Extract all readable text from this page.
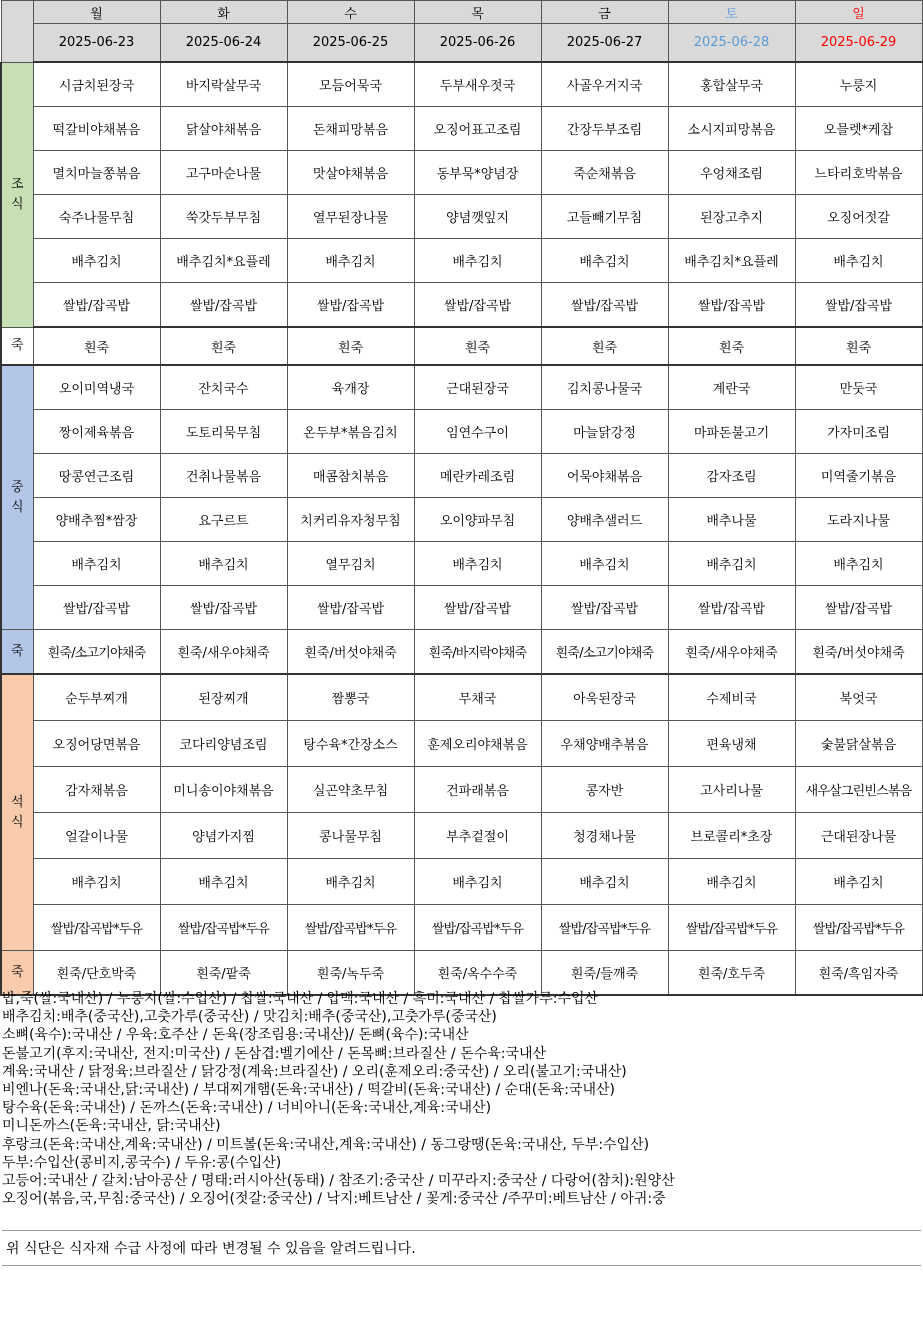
	월	화	수	목	금	토	일
	2025-06-23	2025-06-24	2025-06-25	2025-06-26	2025-06-27	2025-06-28	2025-06-29
조식	시금치된장국	바지락살무국	모듬어묵국	두부새우젓국	사골우거지국	홍합살무국	누룽지
	떡갈비야채볶음	닭살야채볶음	돈채피망볶음	오징어표고조림	간장두부조림	소시지피망볶음	오믈렛*케찹
	멸치마늘쫑볶음	고구마순나물	맛살야채볶음	동부묵*양념장	죽순채볶음	우엉채조림	느타리호박볶음
	숙주나물무침	쑥갓두부무침	열무된장나물	양념깻잎지	고들빼기무침	된장고추지	오징어젓갈
	배추김치	배추김치*요플레	배추김치	배추김치	배추김치	배추김치*요플레	배추김치
	쌀밥/잡곡밥	쌀밥/잡곡밥	쌀밥/잡곡밥	쌀밥/잡곡밥	쌀밥/잡곡밥	쌀밥/잡곡밥	쌀밥/잡곡밥
죽	흰죽	흰죽	흰죽	흰죽	흰죽	흰죽	흰죽
중식	오이미역냉국	잔치국수	육개장	근대된장국	김치콩나물국	계란국	만둣국
	짱이제육볶음	도토리묵무침	온두부*볶음김치	임연수구이	마늘닭강정	마파돈불고기	가자미조림
	땅콩연근조림	건취나물볶음	매콤참치볶음	메란카레조림	어묵야채볶음	감자조림	미역줄기볶음
	양배추찜*쌈장	요구르트	치커리유자청무침	오이양파무침	양배추샐러드	배추나물	도라지나물
	배추김치	배추김치	열무김치	배추김치	배추김치	배추김치	배추김치
	쌀밥/잡곡밥	쌀밥/잡곡밥	쌀밥/잡곡밥	쌀밥/잡곡밥	쌀밥/잡곡밥	쌀밥/잡곡밥	쌀밥/잡곡밥
죽	흰죽/소고기야채죽	흰죽/새우야채죽	흰죽/버섯야채죽	흰죽/바지락야채죽	흰죽/소고기야채죽	흰죽/새우야채죽	흰죽/버섯야채죽
석식	순두부찌개	된장찌개	짬뽕국	무채국	아욱된장국	수제비국	북엇국
	오징어당면볶음	코다리양념조림	탕수육*간장소스	훈제오리야채볶음	우채양배추볶음	편육냉채	숯불닭살볶음
	감자채볶음	미니송이야채볶음	실곤약초무침	건파래볶음	콩자반	고사리나물	새우살그린빈스볶음
	얼갈이나물	양념가지찜	콩나물무침	부추겉절이	청경채나물	브로콜리*초장	근대된장나물
	배추김치	배추김치	배추김치	배추김치	배추김치	배추김치	배추김치
	쌀밥/잡곡밥*두유	쌀밥/잡곡밥*두유	쌀밥/잡곡밥*두유	쌀밥/잡곡밥*두유	쌀밥/잡곡밥*두유	쌀밥/잡곡밥*두유	쌀밥/잡곡밥*두유
죽	흰죽/단호박죽	흰죽/팥죽	흰죽/녹두죽	흰죽/옥수수죽	흰죽/들깨죽	흰죽/호두죽	흰죽/흑임자죽
밥,죽(쌀:국내산) / 누룽지(쌀:수입산) / 찹쌀:국내산 / 압맥:국내산 / 흑미:국내산 / 찹쌀가루:수입산
배추김치:배추(중국산),고춧가루(중국산) / 맛김치:배추(중국산),고춧가루(중국산)
소뼈(육수):국내산 / 우육:호주산 / 돈육(장조림용:국내산)/ 돈뼈(육수):국내산
돈불고기(후지:국내산, 전지:미국산) / 돈삼겹:벨기에산 / 돈목뼈:브라질산 / 돈수육:국내산
계육:국내산 / 닭정육:브라질산 / 닭강정(계육:브라질산) / 오리(훈제오리:중국산) / 오리(불고기:국내산)
비엔나(돈육:국내산,닭:국내산) / 부대찌개햄(돈육:국내산) / 떡갈비(돈육:국내산) / 순대(돈육:국내산)
탕수육(돈육:국내산) / 돈까스(돈육:국내산) / 너비아니(돈육:국내산,계육:국내산)
미니돈까스(돈육:국내산, 닭:국내산)
후랑크(돈육:국내산,계육:국내산) / 미트볼(돈육:국내산,계육:국내산) / 동그랑땡(돈육:국내산, 두부:수입산)
두부:수입산(콩비지,콩국수) / 두유:콩(수입산)
고등어:국내산 / 갈치:남아공산 / 명태:러시아산(동태) / 참조기:중국산 / 미꾸라지:중국산 / 다랑어(참치):원양산
오징어(볶음,국,무침:중국산) / 오징어(젓갈:중국산) / 낙지:베트남산 / 꽃게:중국산 /주꾸미:베트남산 / 아귀:중
위 식단은 식자재 수급 사정에 따라 변경될 수 있음을 알려드립니다.
